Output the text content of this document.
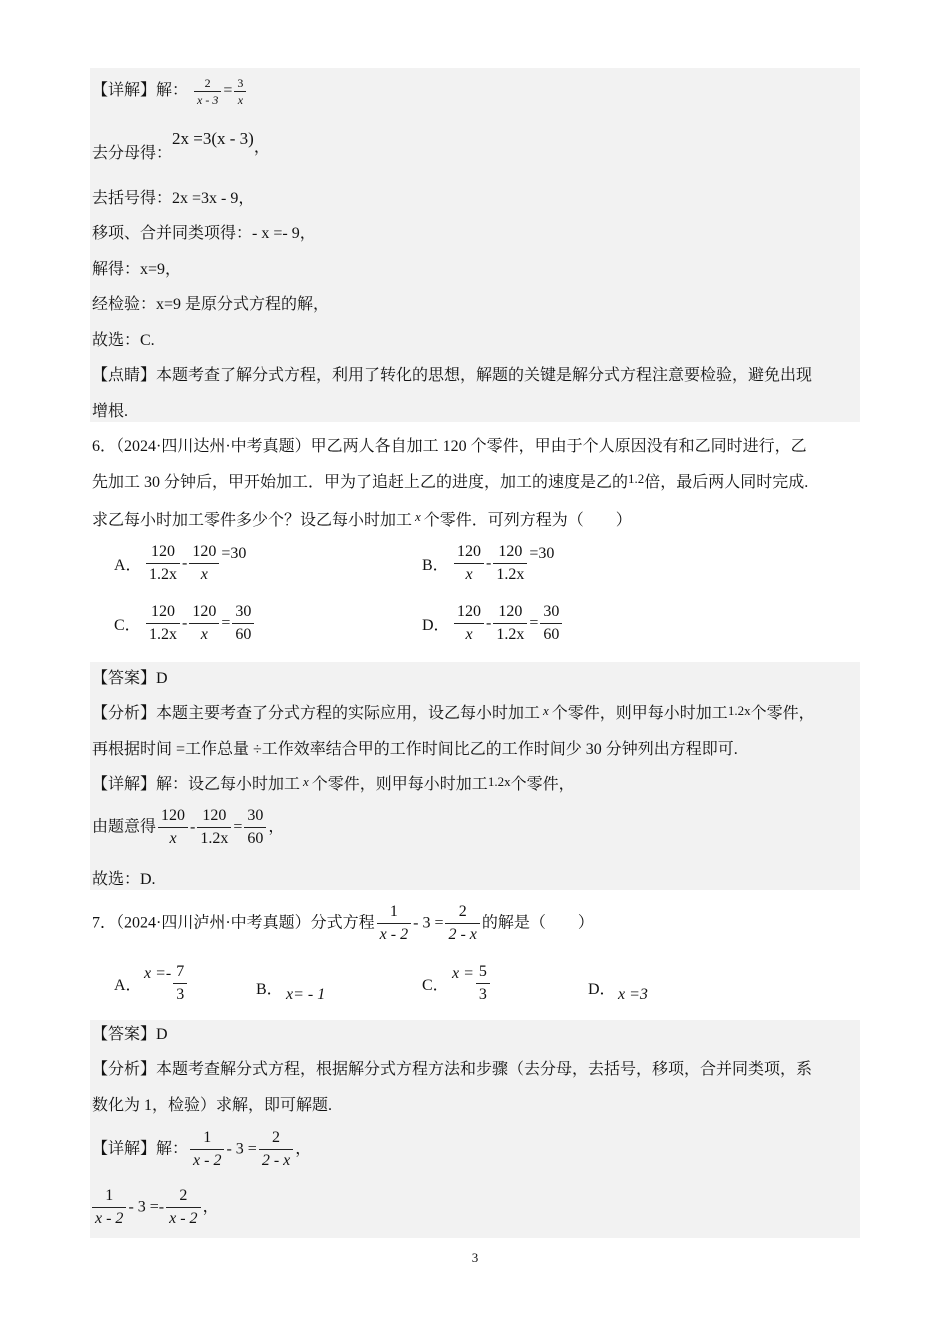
【详解】解： $\frac{2}{x - 3} = \frac{3}{x}$
去分母得：2x =3(x - 3)，
去括号得：2x =3x - 9，
移项、合并同类项得：- x =- 9，
解得：x=9，
经检验：x=9 是原分式方程的解，
故选：C.
【点睛】本题考查了解分式方程，利用了转化的思想，解题的关键是解分式方程注意要检验，避免出现
增根.
6．（2024·四川达州·中考真题）甲乙两人各自加工 120 个零件，甲由于个人原因没有和乙同时进行，乙
先加工 30 分钟后，甲开始加工．甲为了追赶上乙的进度，加工的速度是乙的$^{1.2}$倍，最后两人同时完成.
求乙每小时加工零件多少个？设乙每小时加工 $^x$ 个零件．可列方程为（　　）
A． $\frac{120}{1.2x} - \frac{120}{x} =30$
B． $\frac{120}{x} - \frac{120}{1.2x} =30$
C． $\frac{120}{1.2x} - \frac{120}{x} = \frac{30}{60}$	D． $\frac{120}{x} - \frac{120}{1.2x} = \frac{30}{60}$
【答案】D
【分析】本题主要考查了分式方程的实际应用，设乙每小时加工 x 个零件，则甲每小时加工1.2x个零件，
再根据时间 =工作总量 ÷工作效率结合甲的工作时间比乙的工作时间少 30 分钟列出方程即可.
【详解】解：设乙每小时加工 x 个零件，则甲每小时加工1.2x个零件，
由题意得 $\frac{120}{x} - \frac{120}{1.2x} = \frac{30}{60}$ ，
故选：D.
7．（2024·四川泸州·中考真题）分式方程 $\frac{1}{x - 2} - 3 = \frac{2}{2 - x}$ 的解是（　　）
A．$x =- \frac{7}{3}$	B． x= - 1
C．$x = \frac{5}{3}$	D． x =3
【答案】D
【分析】本题考查解分式方程，根据解分式方程方法和步骤（去分母，去括号，移项，合并同类项，系
数化为 1，检验）求解，即可解题.
【详解】解： $\frac{1}{x - 2} - 3 = \frac{2}{2 - x}$ ，
$\frac{1}{x - 2} - 3 =- \frac{2}{x - 2}$ ，
3
